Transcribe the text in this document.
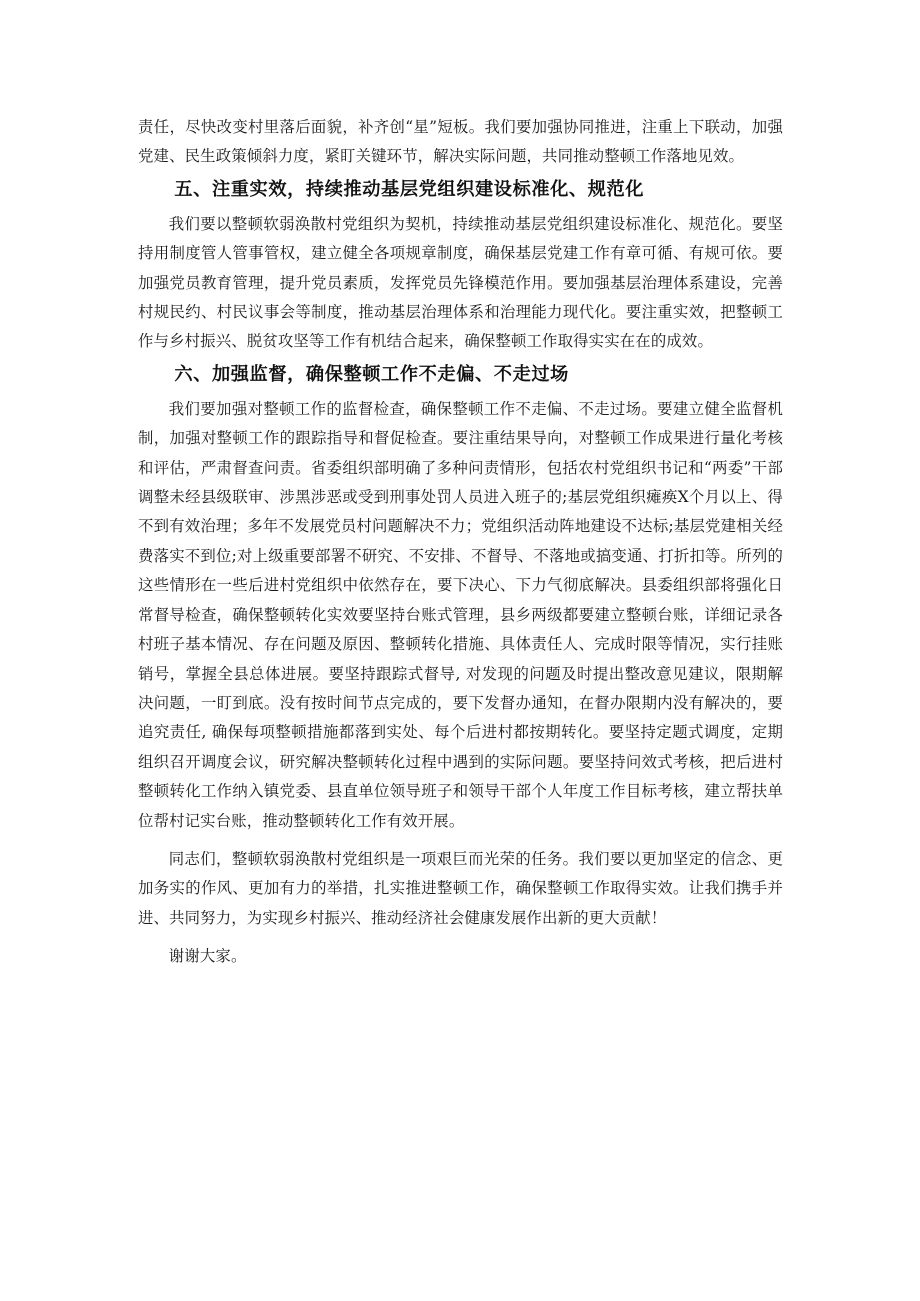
责任，尽快改变村里落后面貌，补齐创“星”短板。我们要加强协同推进，注重上下联动，加强党建、民生政策倾斜力度，紧盯关键环节，解决实际问题，共同推动整顿工作落地见效。

五、注重实效，持续推动基层党组织建设标准化、规范化

我们要以整顿软弱涣散村党组织为契机，持续推动基层党组织建设标准化、规范化。要坚持用制度管人管事管权，建立健全各项规章制度，确保基层党建工作有章可循、有规可依。要加强党员教育管理，提升党员素质，发挥党员先锋模范作用。要加强基层治理体系建设，完善村规民约、村民议事会等制度，推动基层治理体系和治理能力现代化。要注重实效，把整顿工作与乡村振兴、脱贫攻坚等工作有机结合起来，确保整顿工作取得实实在在的成效。

六、加强监督，确保整顿工作不走偏、不走过场

我们要加强对整顿工作的监督检查，确保整顿工作不走偏、不走过场。要建立健全监督机制，加强对整顿工作的跟踪指导和督促检查。要注重结果导向，对整顿工作成果进行量化考核和评估，严肃督查问责。省委组织部明确了多种问责情形，包括农村党组织书记和“两委”干部调整未经县级联审、涉黑涉恶或受到刑事处罚人员进入班子的;基层党组织瘫痪X个月以上、得不到有效治理；多年不发展党员村问题解决不力；党组织活动阵地建设不达标;基层党建相关经费落实不到位;对上级重要部署不研究、不安排、不督导、不落地或搞变通、打折扣等。所列的这些情形在一些后进村党组织中依然存在，要下决心、下力气彻底解决。县委组织部将强化日常督导检查，确保整顿转化实效要坚持台账式管理，县乡两级都要建立整顿台账，详细记录各村班子基本情况、存在问题及原因、整顿转化措施、具体责任人、完成时限等情况，实行挂账销号，掌握全县总体进展。要坚持跟踪式督导, 对发现的问题及时提出整改意见建议，限期解决问题，一盯到底。没有按时间节点完成的，要下发督办通知，在督办限期内没有解决的，要追究责任, 确保每项整顿措施都落到实处、每个后进村都按期转化。要坚持定题式调度，定期组织召开调度会议，研究解决整顿转化过程中遇到的实际问题。要坚持问效式考核，把后进村整顿转化工作纳入镇党委、县直单位领导班子和领导干部个人年度工作目标考核，建立帮扶单位帮村记实台账，推动整顿转化工作有效开展。

同志们，整顿软弱涣散村党组织是一项艰巨而光荣的任务。我们要以更加坚定的信念、更加务实的作风、更加有力的举措，扎实推进整顿工作，确保整顿工作取得实效。让我们携手并进、共同努力，为实现乡村振兴、推动经济社会健康发展作出新的更大贡献！

谢谢大家。
